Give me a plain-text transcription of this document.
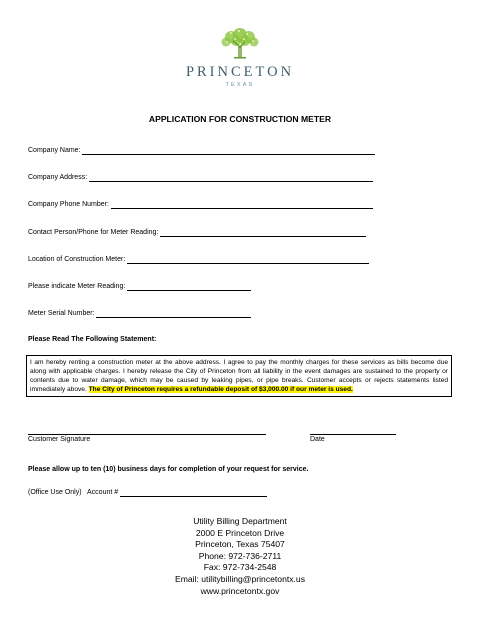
PRINCETON
TEXAS
APPLICATION FOR CONSTRUCTION METER
Company Name:
Company Address:
Company Phone Number:
Contact Person/Phone for Meter Reading:
Location of Construction Meter:
Please indicate Meter Reading:
Meter Serial Number:
Please Read The Following Statement:
I am hereby renting a construction meter at the above address. I agree to pay the monthly charges for these services as bills become due along with applicable charges. I hereby release the City of Princeton from all liability in the event damages are sustained to the property or contents due to water damage, which may be caused by leaking pipes, or pipe breaks. Customer accepts or rejects statements listed immediately above. The City of Princeton requires a refundable deposit of $3,000.00 if our meter is used.
Customer Signature	Date
Please allow up to ten (10) business days for completion of your request for service.
(Office Use Only) Account #
Utility Billing Department
2000 E Princeton Drive
Princeton, Texas 75407
Phone: 972-736-2711
Fax: 972-734-2548
Email: utilitybilling@princetontx.us
www.princetontx.gov
